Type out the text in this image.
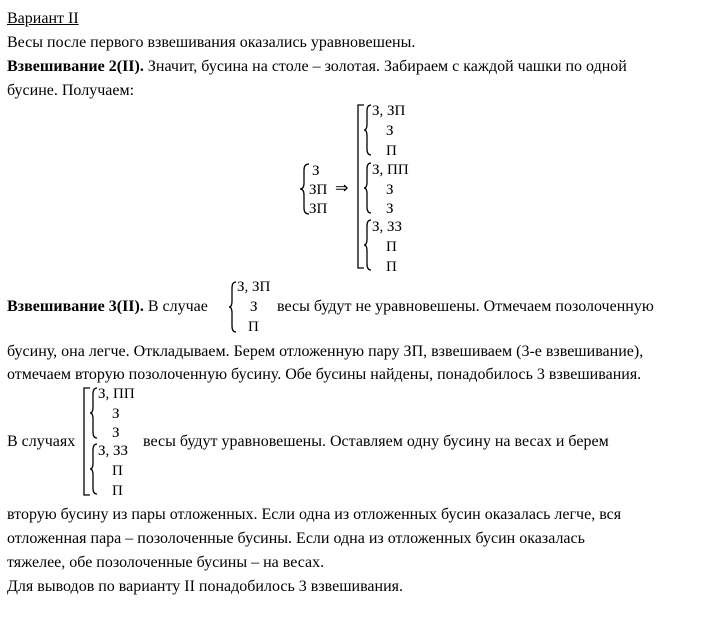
Вариант II
Весы после первого взвешивания оказались уравновешены.
Взвешивание 2(II). Значит, бусина на столе – золотая. Забираем с каждой чашки по одной
бусине. Получаем:
З
ЗП
ЗП
⇒
З, ЗП
З
П
З, ПП
З
З
З, ЗЗ
П
П
Взвешивание 3(II). В случае
З, ЗП
З
П
весы будут не уравновешены. Отмечаем позолоченную
бусину, она легче. Откладываем. Берем отложенную пару ЗП, взвешиваем (3-е взвешивание),
отмечаем вторую позолоченную бусину. Обе бусины найдены, понадобилось 3 взвешивания.
В случаях
З, ПП
З
З
З, ЗЗ
П
П
весы будут уравновешены. Оставляем одну бусину на весах и берем
вторую бусину из пары отложенных. Если одна из отложенных бусин оказалась легче, вся
отложенная пара – позолоченные бусины. Если одна из отложенных бусин оказалась
тяжелее, обе позолоченные бусины – на весах.
Для выводов по варианту II понадобилось 3 взвешивания.
